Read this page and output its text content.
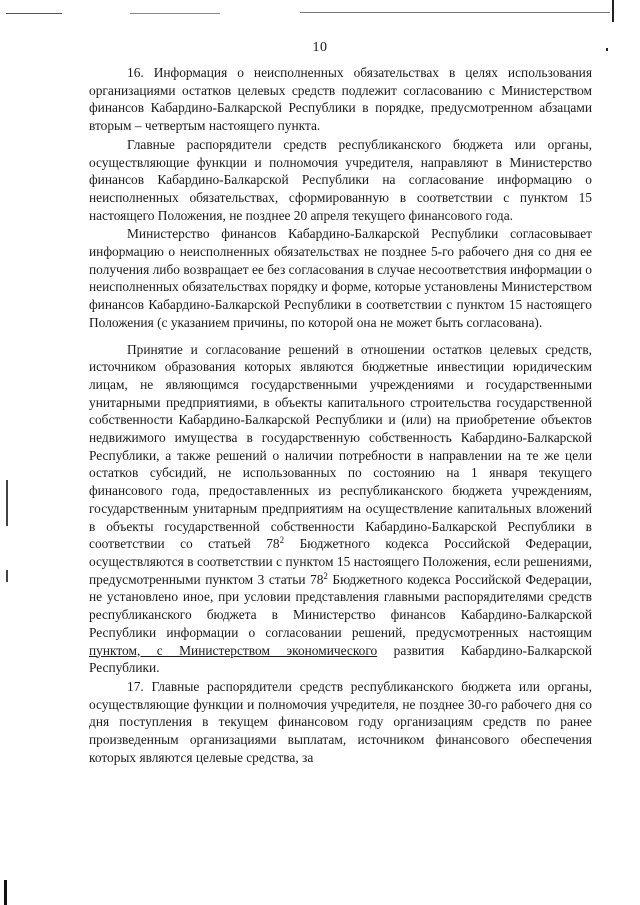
10

16. Информация о неисполненных обязательствах в целях использования организациями остатков целевых средств подлежит согласованию с Министерством финансов Кабардино-Балкарской Республики в порядке, предусмотренном абзацами вторым – четвертым настоящего пункта.

Главные распорядители средств республиканского бюджета или органы, осуществляющие функции и полномочия учредителя, направляют в Министерство финансов Кабардино-Балкарской Республики на согласование информацию о неисполненных обязательствах, сформированную в соответствии с пунктом 15 настоящего Положения, не позднее 20 апреля текущего финансового года.

Министерство финансов Кабардино-Балкарской Республики согласовывает информацию о неисполненных обязательствах не позднее 5-го рабочего дня со дня ее получения либо возвращает ее без согласования в случае несоответствия информации о неисполненных обязательствах порядку и форме, которые установлены Министерством финансов Кабардино-Балкарской Республики в соответствии с пунктом 15 настоящего Положения (с указанием причины, по которой она не может быть согласована).

Принятие и согласование решений в отношении остатков целевых средств, источником образования которых являются бюджетные инвестиции юридическим лицам, не являющимся государственными учреждениями и государственными унитарными предприятиями, в объекты капитального строительства государственной собственности Кабардино-Балкарской Республики и (или) на приобретение объектов недвижимого имущества в государственную собственность Кабардино-Балкарской Республики, а также решений о наличии потребности в направлении на те же цели остатков субсидий, не использованных по состоянию на 1 января текущего финансового года, предоставленных из республиканского бюджета учреждениям, государственным унитарным предприятиям на осуществление капитальных вложений в объекты государственной собственности Кабардино-Балкарской Республики в соответствии со статьей $78^2$ Бюджетного кодекса Российской Федерации, осуществляются в соответствии с пунктом 15 настоящего Положения, если решениями, предусмотренными пунктом 3 статьи $78^2$ Бюджетного кодекса Российской Федерации, не установлено иное, при условии представления главными распорядителями средств республиканского бюджета в Министерство финансов Кабардино-Балкарской Республики информации о согласовании решений, предусмотренных настоящим пунктом, с Министерством экономического развития Кабардино-Балкарской Республики.

17. Главные распорядители средств республиканского бюджета или органы, осуществляющие функции и полномочия учредителя, не позднее 30-го рабочего дня со дня поступления в текущем финансовом году организациям средств по ранее произведенным организациями выплатам, источником финансового обеспечения которых являются целевые средства, за
